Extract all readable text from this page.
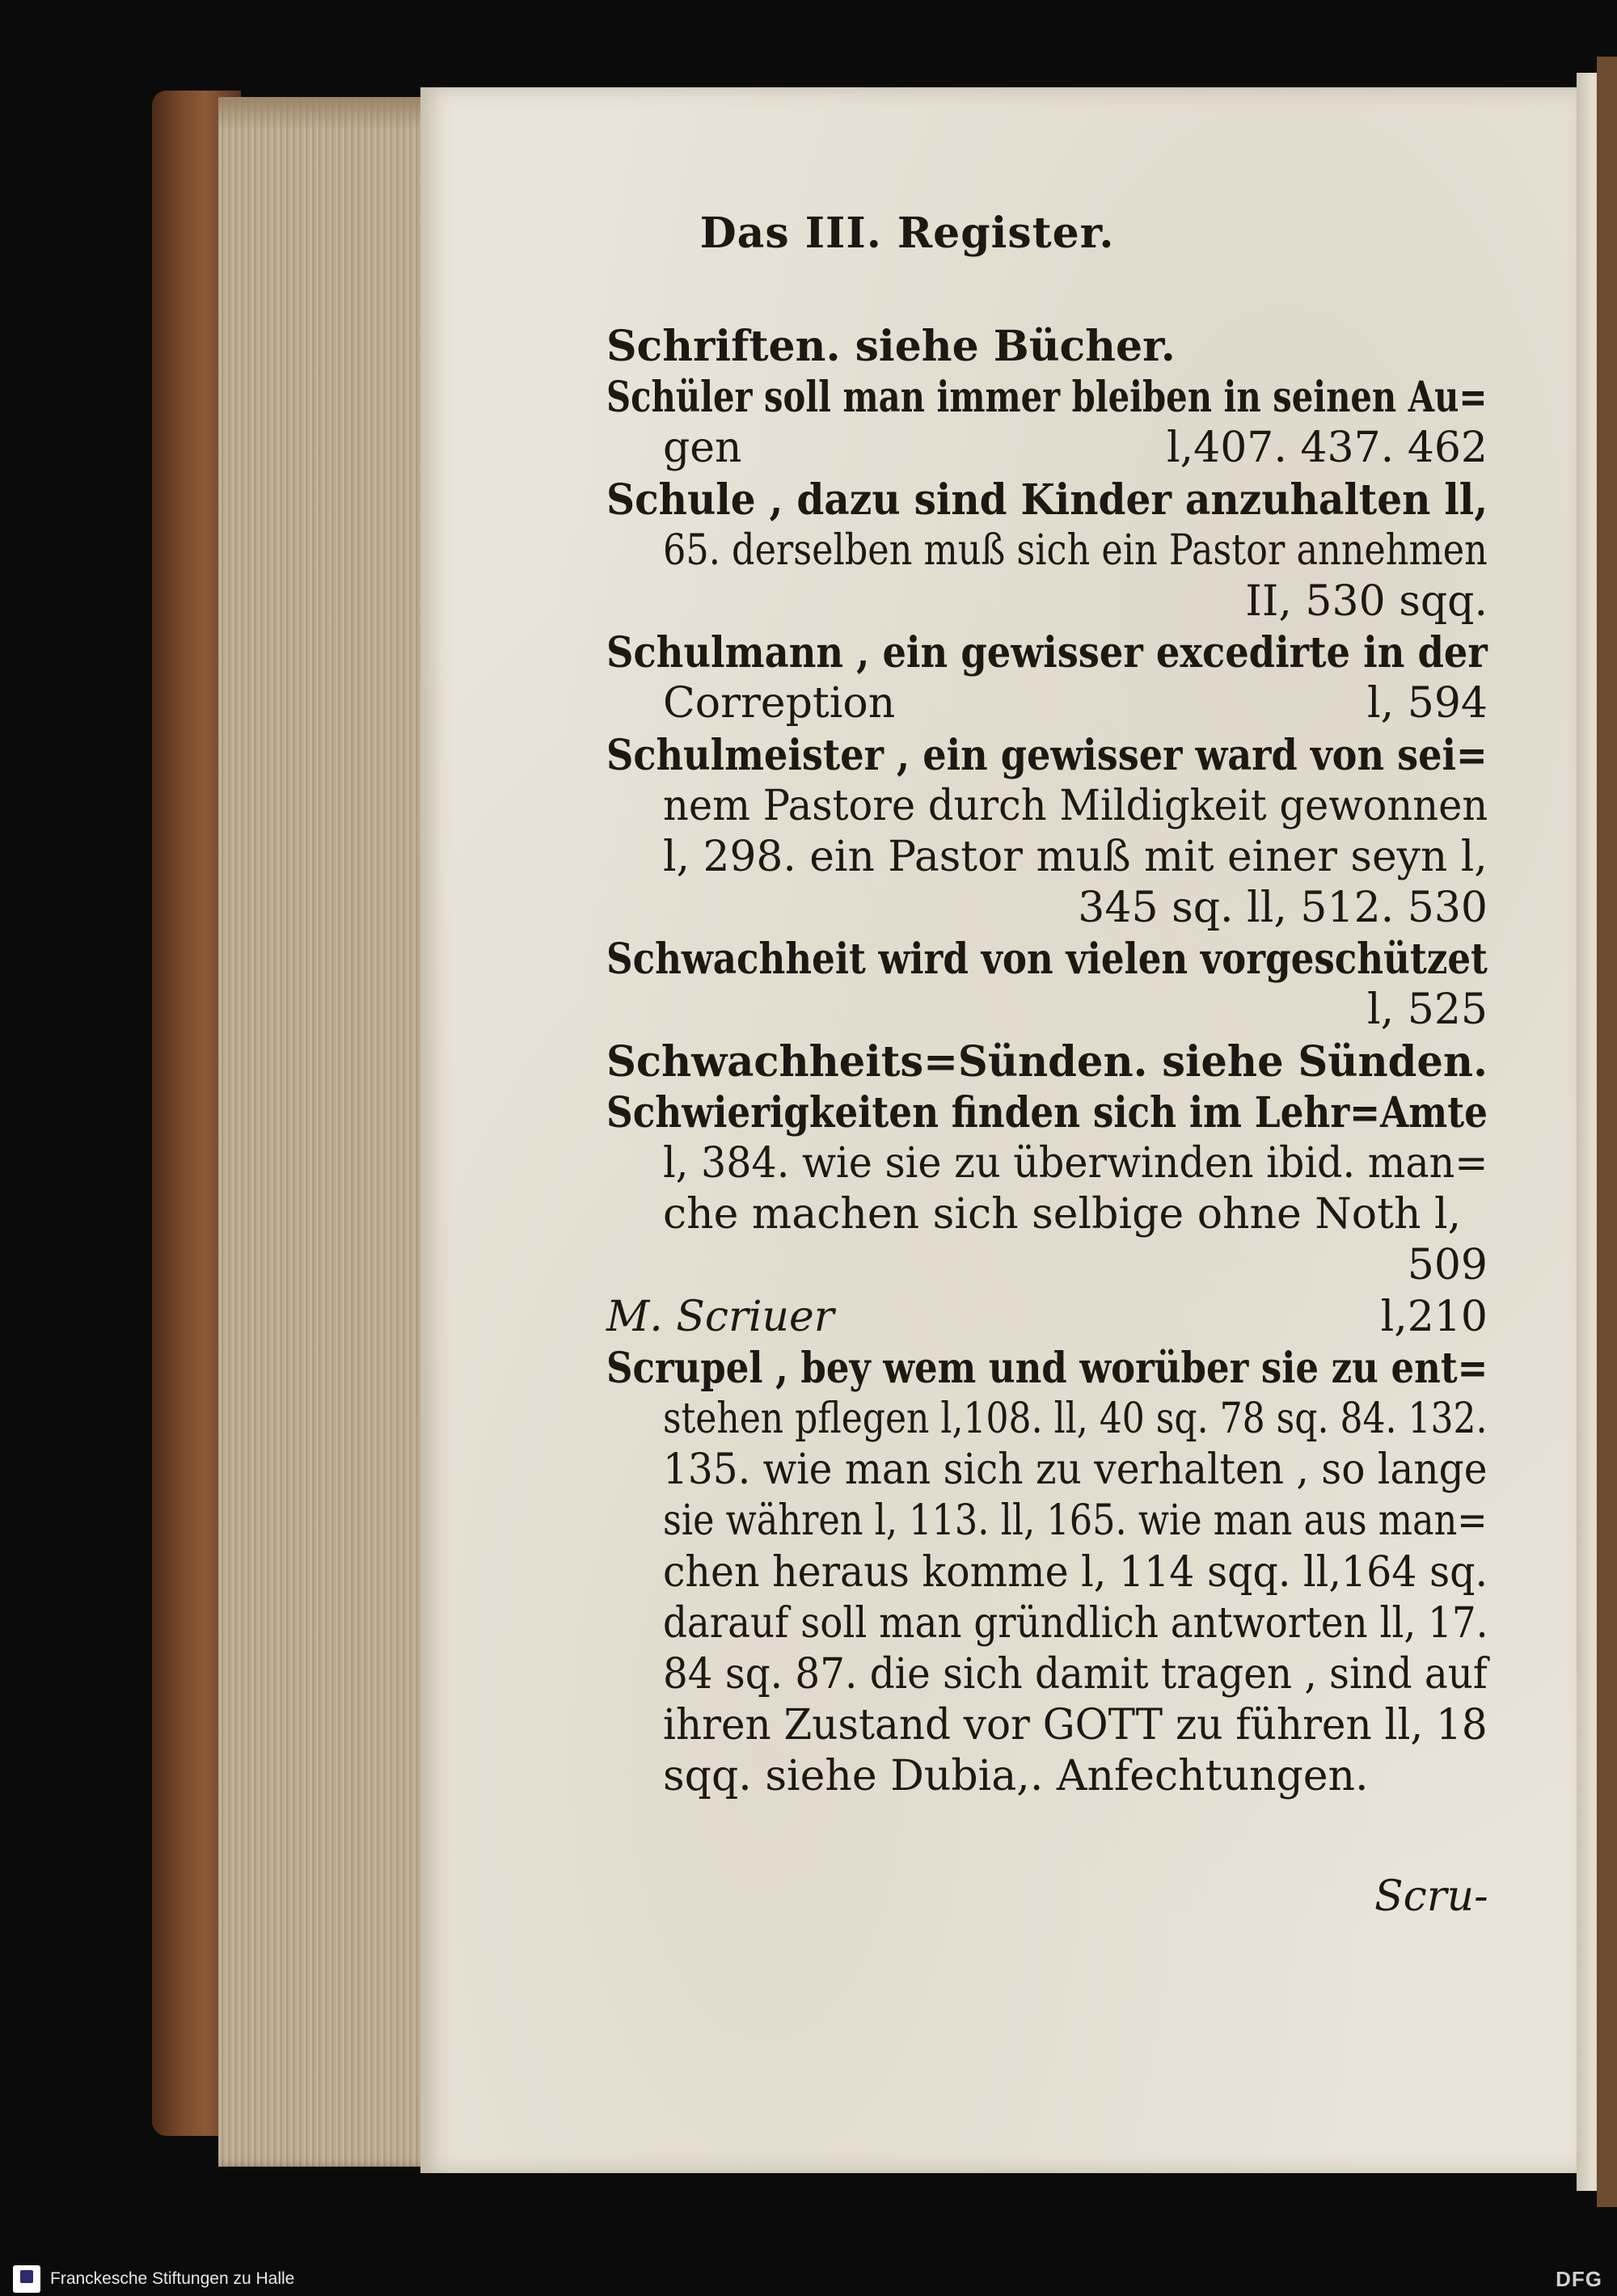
Das III. Register.
Schriften. siehe Bücher.
Schüler soll man immer bleiben in seinen Au=
gen	l,407. 437. 462
Schule , dazu sind Kinder anzuhalten ll,
65. derselben muß sich ein Pastor annehmen
II, 530 sqq.
Schulmann , ein gewisser excedirte in der
Correption	l, 594
Schulmeister , ein gewisser ward von sei=
nem Pastore durch Mildigkeit gewonnen
l, 298. ein Pastor muß mit einer seyn l,
345 sq. ll, 512. 530
Schwachheit wird von vielen vorgeschützet
l, 525
Schwachheits=Sünden. siehe Sünden.
Schwierigkeiten finden sich im Lehr=Amte
l, 384. wie sie zu überwinden ibid. man=
che machen sich selbige ohne Noth l,
509
M. Scriuer	l,210
Scrupel , bey wem und worüber sie zu ent=
stehen pflegen l,108. ll, 40 sq. 78 sq. 84. 132.
135. wie man sich zu verhalten , so lange
sie währen l, 113. ll, 165. wie man aus man=
chen heraus komme l, 114 sqq. ll,164 sq.
darauf soll man gründlich antworten ll, 17.
84 sq. 87. die sich damit tragen , sind auf
ihren Zustand vor GOTT zu führen ll, 18
sqq. siehe Dubia,. Anfechtungen.
Scru-
Franckesche Stiftungen zu Halle	DFG
